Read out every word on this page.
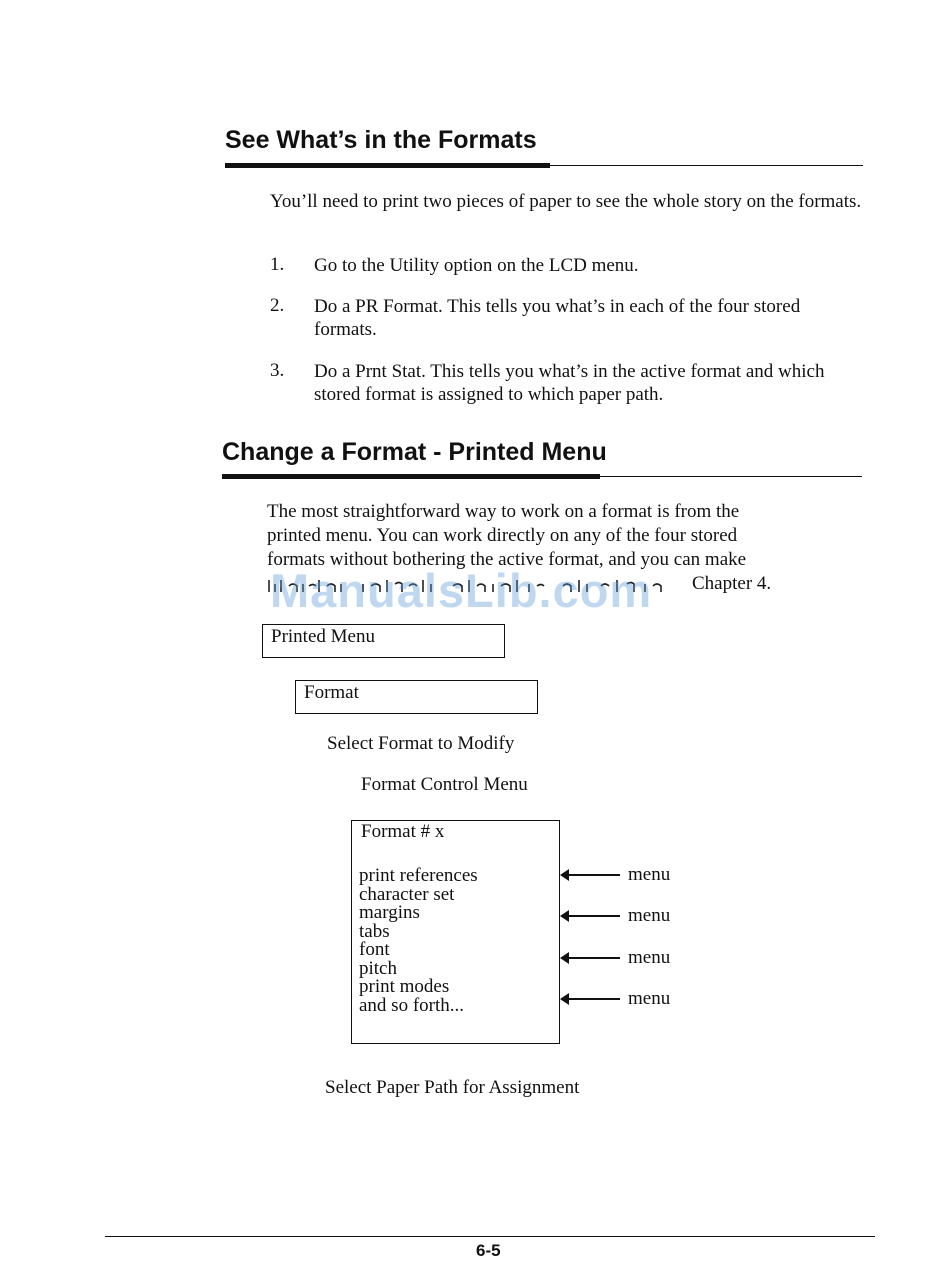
See What’s in the Formats
You’ll need to print two pieces of paper to see the whole story on the formats.
1. Go to the Utility option on the LCD menu.
2. Do a PR Format. This tells you what’s in each of the four stored formats.
3. Do a Prnt Stat. This tells you what’s in the active format and which stored format is assigned to which paper path.
Change a Format - Printed Menu
The most straightforward way to work on a format is from the
printed menu. You can work directly on any of the four stored
formats without bothering the active format, and you can make
Chapter 4.
ManualsLib.com
Printed Menu
Format
Select Format to Modify
Format Control Menu
Format # x
print references
character set
margins
tabs
font
pitch
print modes
and so forth...
menu
menu
menu
menu
Select Paper Path for Assignment
6-5
